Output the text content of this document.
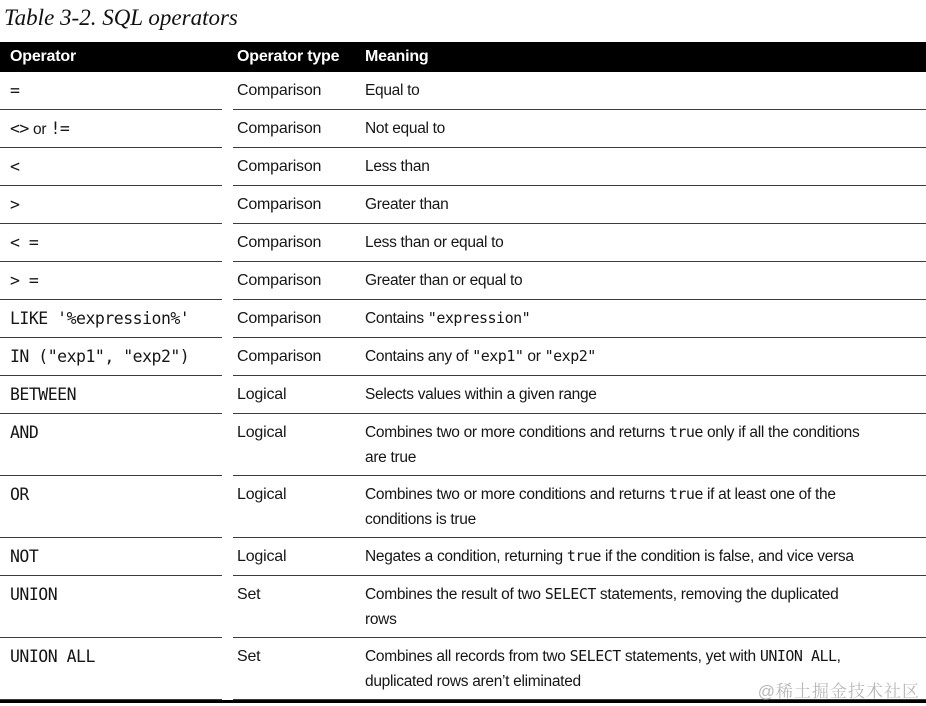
Table 3-2. SQL operators
Operator	Operator type	Meaning
=	Comparison	Equal to
<> or !=	Comparison	Not equal to
<	Comparison	Less than
>	Comparison	Greater than
< =	Comparison	Less than or equal to
> =	Comparison	Greater than or equal to
LIKE '%expression%'	Comparison	Contains "expression"
IN ("exp1", "exp2")	Comparison	Contains any of "exp1" or "exp2"
BETWEEN	Logical	Selects values within a given range
AND	Logical	Combines two or more conditions and returns true only if all the conditions
are true
OR	Logical	Combines two or more conditions and returns true if at least one of the
conditions is true
NOT	Logical	Negates a condition, returning true if the condition is false, and vice versa
UNION	Set	Combines the result of two SELECT statements, removing the duplicated
rows
UNION ALL	Set	Combines all records from two SELECT statements, yet with UNION ALL,
duplicated rows aren’t eliminated
@稀土掘金技术社区
